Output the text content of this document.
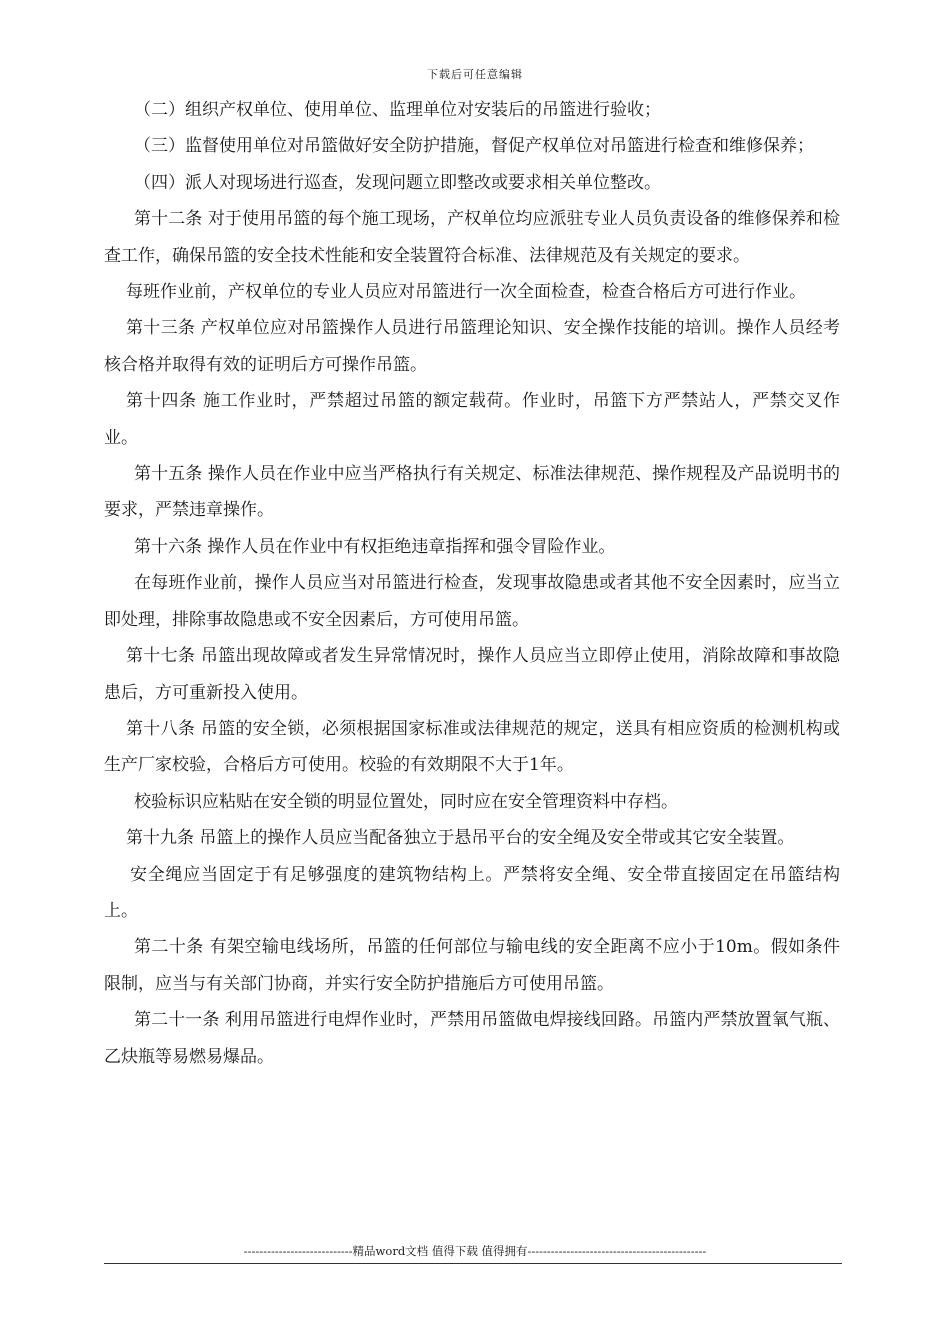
下载后可任意编辑

（二）组织产权单位、使用单位、监理单位对安装后的吊篮进行验收；

（三）监督使用单位对吊篮做好安全防护措施，督促产权单位对吊篮进行检查和维修保养；

（四）派人对现场进行巡查，发现问题立即整改或要求相关单位整改。

第十二条 对于使用吊篮的每个施工现场，产权单位均应派驻专业人员负责设备的维修保养和检查工作，确保吊篮的安全技术性能和安全装置符合标准、法律规范及有关规定的要求。

每班作业前，产权单位的专业人员应对吊篮进行一次全面检查，检查合格后方可进行作业。

第十三条 产权单位应对吊篮操作人员进行吊篮理论知识、安全操作技能的培训。操作人员经考核合格并取得有效的证明后方可操作吊篮。

第十四条 施工作业时，严禁超过吊篮的额定载荷。作业时，吊篮下方严禁站人，严禁交叉作业。

第十五条 操作人员在作业中应当严格执行有关规定、标准法律规范、操作规程及产品说明书的要求，严禁违章操作。

第十六条 操作人员在作业中有权拒绝违章指挥和强令冒险作业。

在每班作业前，操作人员应当对吊篮进行检查，发现事故隐患或者其他不安全因素时，应当立即处理，排除事故隐患或不安全因素后，方可使用吊篮。

第十七条 吊篮出现故障或者发生异常情况时，操作人员应当立即停止使用，消除故障和事故隐患后，方可重新投入使用。

第十八条 吊篮的安全锁，必须根据国家标准或法律规范的规定，送具有相应资质的检测机构或生产厂家校验，合格后方可使用。校验的有效期限不大于1年。

校验标识应粘贴在安全锁的明显位置处，同时应在安全管理资料中存档。

第十九条 吊篮上的操作人员应当配备独立于悬吊平台的安全绳及安全带或其它安全装置。

安全绳应当固定于有足够强度的建筑物结构上。严禁将安全绳、安全带直接固定在吊篮结构上。

第二十条 有架空输电线场所，吊篮的任何部位与输电线的安全距离不应小于10m。假如条件限制，应当与有关部门协商，并实行安全防护措施后方可使用吊篮。

第二十一条 利用吊篮进行电焊作业时，严禁用吊篮做电焊接线回路。吊篮内严禁放置氧气瓶、乙炔瓶等易燃易爆品。

----------------------------精品word文档 值得下载 值得拥有----------------------------------------------
